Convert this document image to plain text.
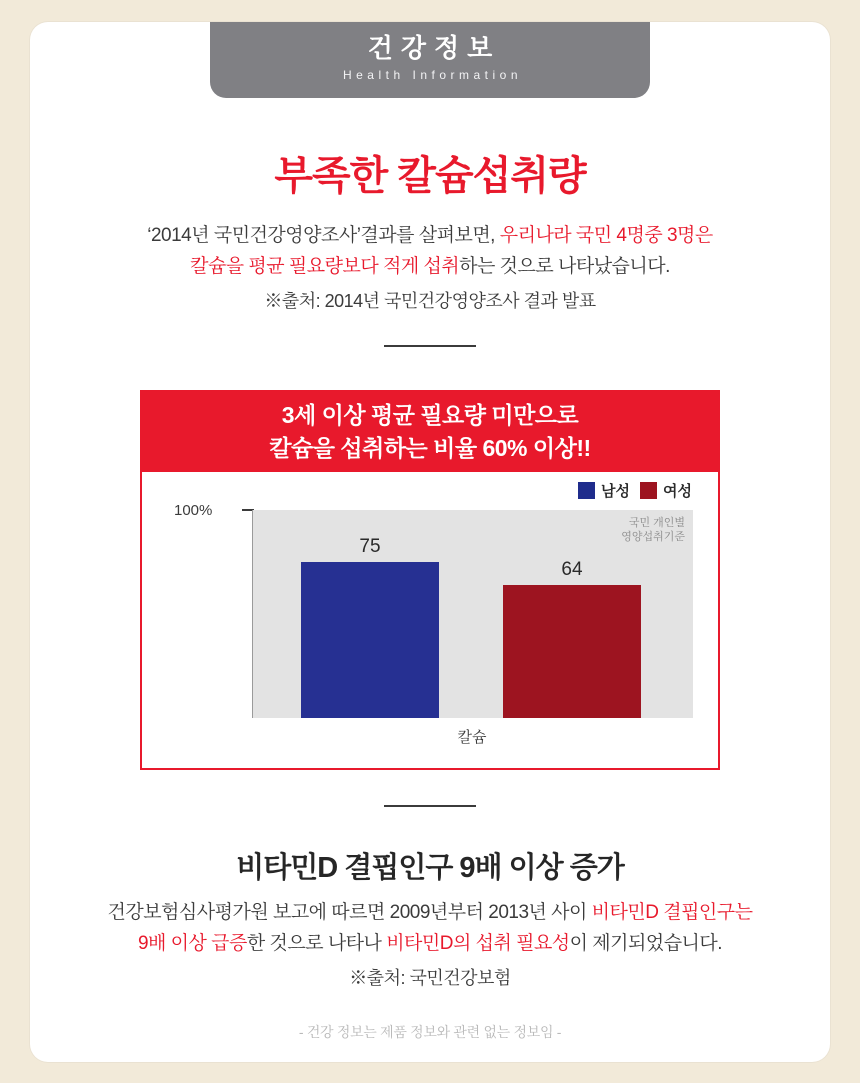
건강정보
Health Information
부족한 칼슘섭취량
‘2014년 국민건강영양조사’결과를 살펴보면, 우리나라 국민 4명중 3명은
칼슘을 평균 필요량보다 적게 섭취하는 것으로 나타났습니다.
※출처: 2014년 국민건강영양조사 결과 발표
3세 이상 평균 필요량 미만으로
칼슘을 섭취하는 비율 60% 이상!!
남성 여성
100%
국민 개인별
영양섭취기준
75
64
칼슘
비타민D 결핍인구 9배 이상 증가
건강보험심사평가원 보고에 따르면 2009년부터 2013년 사이 비타민D 결핍인구는
9배 이상 급증한 것으로 나타나 비타민D의 섭취 필요성이 제기되었습니다.
※출처: 국민건강보험
- 건강 정보는 제품 정보와 관련 없는 정보임 -
